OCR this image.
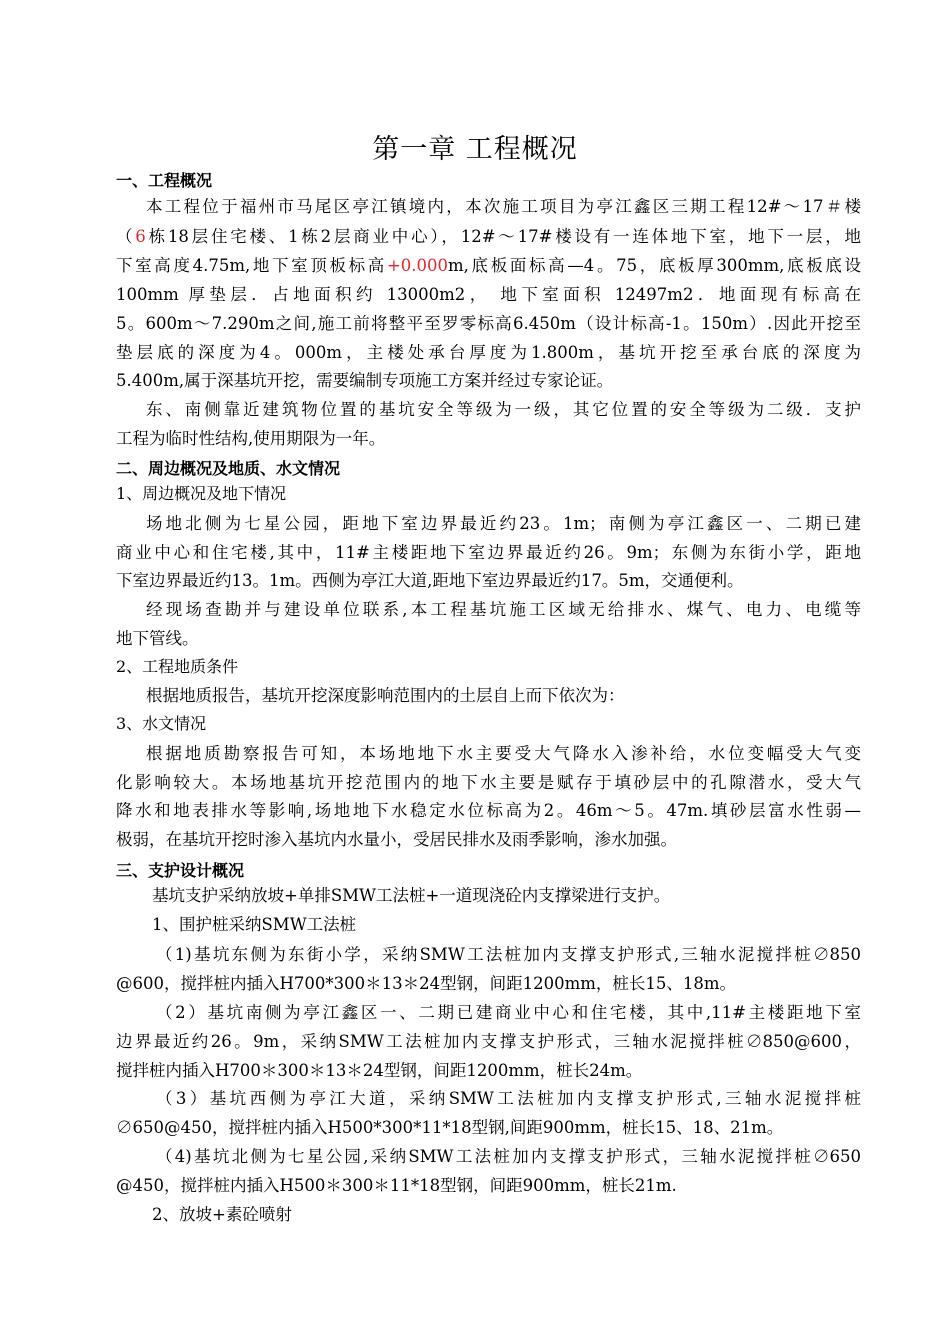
第一章 工程概况
一、工程概况
本工程位于福州市马尾区亭江镇境内，本次施工项目为亭江鑫区三期工程12#～17＃楼
（6栋18层住宅楼、1栋2层商业中心），12#～17#楼设有一连体地下室，地下一层，地
下室高度4.75m,地下室顶板标高+0.000m,底板面标高—4。75，底板厚300mm,底板底设
100mm 厚垫层．占地面积约 13000m2， 地下室面积 12497m2．地面现有标高在
5。600m～7.290m之间,施工前将整平至罗零标高6.450m（设计标高-1。150m）.因此开挖至
垫层底的深度为4。000m，主楼处承台厚度为1.800m，基坑开挖至承台底的深度为
5.400m,属于深基坑开挖，需要编制专项施工方案并经过专家论证。
东、南侧靠近建筑物位置的基坑安全等级为一级，其它位置的安全等级为二级．支护
工程为临时性结构,使用期限为一年。
二、周边概况及地质、水文情况
1、周边概况及地下情况
场地北侧为七星公园，距地下室边界最近约23。1m；南侧为亭江鑫区一、二期已建
商业中心和住宅楼,其中，11#主楼距地下室边界最近约26。9m；东侧为东街小学，距地
下室边界最近约13。1m。西侧为亭江大道,距地下室边界最近约17。5m，交通便利。
经现场查勘并与建设单位联系,本工程基坑施工区域无给排水、煤气、电力、电缆等
地下管线。
2、工程地质条件
根据地质报告，基坑开挖深度影响范围内的土层自上而下依次为：
3、水文情况
根据地质勘察报告可知，本场地地下水主要受大气降水入渗补给，水位变幅受大气变
化影响较大。本场地基坑开挖范围内的地下水主要是赋存于填砂层中的孔隙潜水，受大气
降水和地表排水等影响,场地地下水稳定水位标高为2。46m～5。47m.填砂层富水性弱—
极弱，在基坑开挖时渗入基坑内水量小，受居民排水及雨季影响，渗水加强。
三、支护设计概况
基坑支护采纳放坡+单排SMW工法桩+一道现浇砼内支撑梁进行支护。
1、围护桩采纳SMW工法桩
（1)基坑东侧为东街小学，采纳SMW工法桩加内支撑支护形式,三轴水泥搅拌桩∅850
@600，搅拌桩内插入H700*300＊13＊24型钢，间距1200mm，桩长15、18m。
（2）基坑南侧为亭江鑫区一、二期已建商业中心和住宅楼，其中,11#主楼距地下室
边界最近约26。9m，采纳SMW工法桩加内支撑支护形式，三轴水泥搅拌桩∅850@600，
搅拌桩内插入H700＊300＊13＊24型钢，间距1200mm，桩长24m。
（3）基坑西侧为亭江大道，采纳SMW工法桩加内支撑支护形式,三轴水泥搅拌桩
∅650@450，搅拌桩内插入H500*300*11*18型钢,间距900mm，桩长15、18、21m。
（4)基坑北侧为七星公园,采纳SMW工法桩加内支撑支护形式，三轴水泥搅拌桩∅650
@450，搅拌桩内插入H500＊300＊11*18型钢，间距900mm，桩长21m.
2、放坡+素砼喷射
